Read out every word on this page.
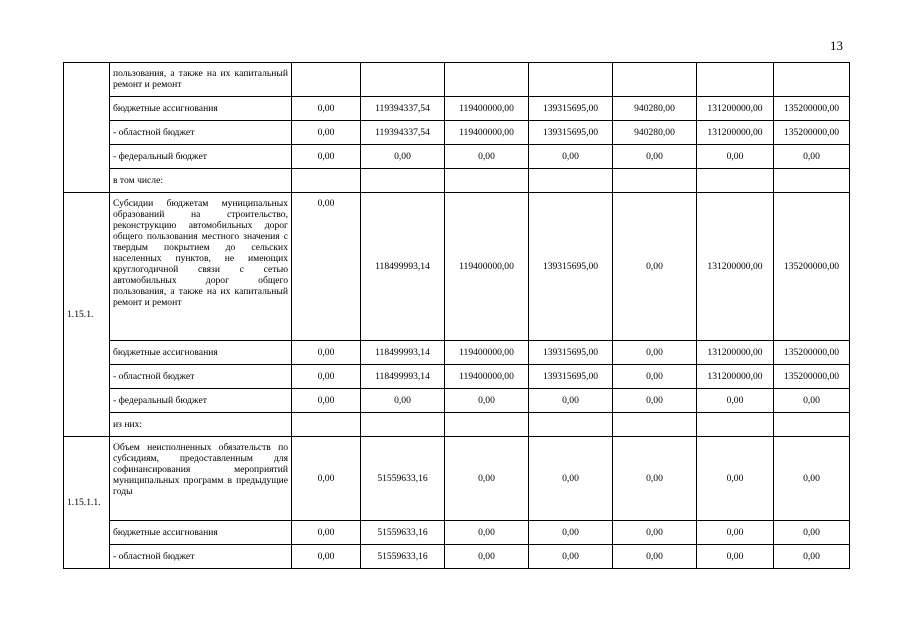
13
	пользования, а также на их капитальный ремонт и ремонт							
	бюджетные ассигнования	0,00	119394337,54	119400000,00	139315695,00	940280,00	131200000,00	135200000,00
	- областной бюджет	0,00	119394337,54	119400000,00	139315695,00	940280,00	131200000,00	135200000,00
	- федеральный бюджет	0,00	0,00	0,00	0,00	0,00	0,00	0,00
	в том числе:							
1.15.1.	Субсидии бюджетам муниципальных образований на строительство, реконструкцию автомобильных дорог общего пользования местного значения с твердым покрытием до сельских населенных пунктов, не имеющих круглогодичной связи с сетью автомобильных дорог общего пользования, а также на их капитальный ремонт и ремонт	0,00	118499993,14	119400000,00	139315695,00	0,00	131200000,00	135200000,00
	бюджетные ассигнования	0,00	118499993,14	119400000,00	139315695,00	0,00	131200000,00	135200000,00
	- областной бюджет	0,00	118499993,14	119400000,00	139315695,00	0,00	131200000,00	135200000,00
	- федеральный бюджет	0,00	0,00	0,00	0,00	0,00	0,00	0,00
	из них:							
1.15.1.1.	Объем неисполненных обязательств по субсидиям, предоставленным для софинансирования мероприятий муниципальных программ в предыдущие годы	0,00	51559633,16	0,00	0,00	0,00	0,00	0,00
	бюджетные ассигнования	0,00	51559633,16	0,00	0,00	0,00	0,00	0,00
	- областной бюджет	0,00	51559633,16	0,00	0,00	0,00	0,00	0,00
